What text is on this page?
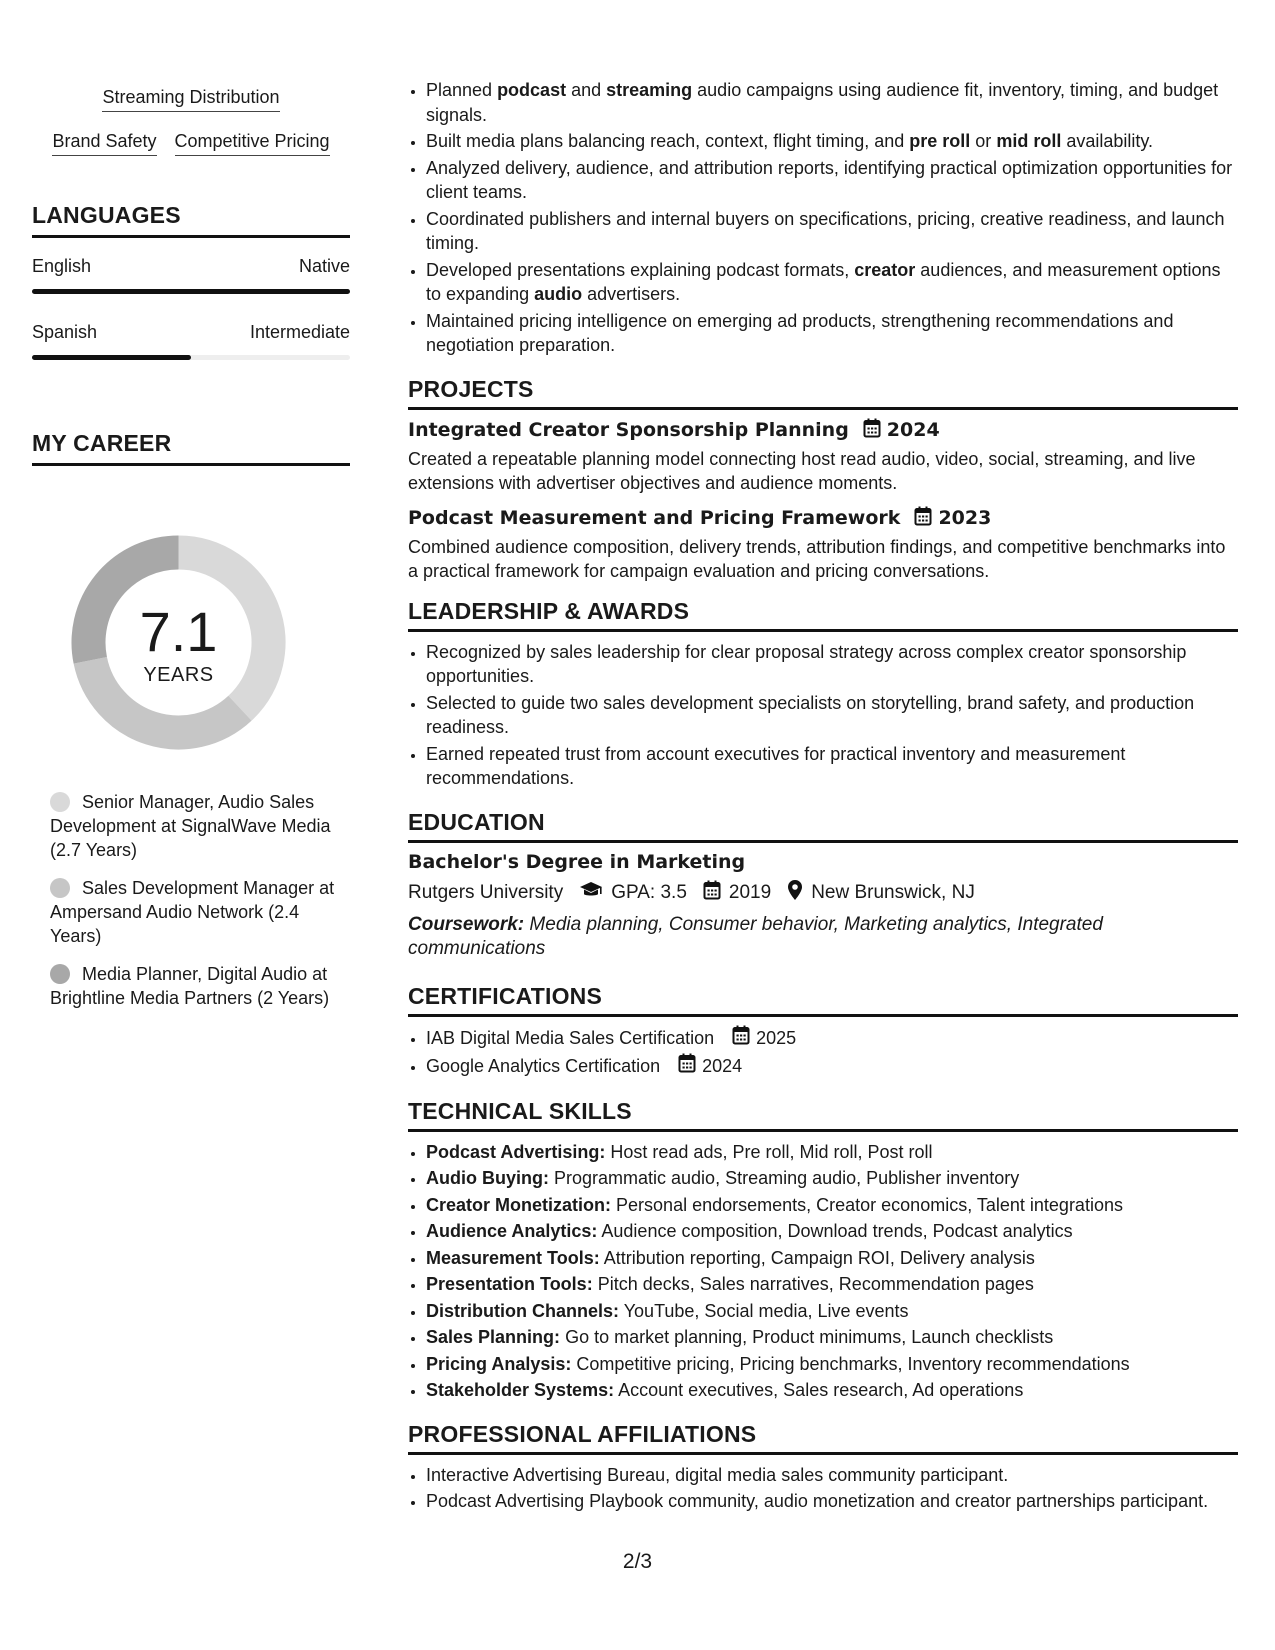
Streaming Distribution
Brand Safety Competitive Pricing
LANGUAGES
English	Native
Spanish	Intermediate
MY CAREER
7.1
YEARS
Senior Manager, Audio Sales Development at SignalWave Media (2.7 Years)
Sales Development Manager at Ampersand Audio Network (2.4 Years)
Media Planner, Digital Audio at Brightline Media Partners (2 Years)
• Planned podcast and streaming audio campaigns using audience fit, inventory, timing, and budget signals.
• Built media plans balancing reach, context, flight timing, and pre roll or mid roll availability.
• Analyzed delivery, audience, and attribution reports, identifying practical optimization opportunities for client teams.
• Coordinated publishers and internal buyers on specifications, pricing, creative readiness, and launch timing.
• Developed presentations explaining podcast formats, creator audiences, and measurement options to expanding audio advertisers.
• Maintained pricing intelligence on emerging ad products, strengthening recommendations and negotiation preparation.
PROJECTS
Integrated Creator Sponsorship Planning 2024
Created a repeatable planning model connecting host read audio, video, social, streaming, and live extensions with advertiser objectives and audience moments.
Podcast Measurement and Pricing Framework 2023
Combined audience composition, delivery trends, attribution findings, and competitive benchmarks into a practical framework for campaign evaluation and pricing conversations.
LEADERSHIP & AWARDS
• Recognized by sales leadership for clear proposal strategy across complex creator sponsorship opportunities.
• Selected to guide two sales development specialists on storytelling, brand safety, and production readiness.
• Earned repeated trust from account executives for practical inventory and measurement recommendations.
EDUCATION
Bachelor's Degree in Marketing
Rutgers University	GPA: 3.5 2019 New Brunswick, NJ
Coursework: Media planning, Consumer behavior, Marketing analytics, Integrated communications
CERTIFICATIONS
• IAB Digital Media Sales Certification 2025
• Google Analytics Certification 2024
TECHNICAL SKILLS
• Podcast Advertising: Host read ads, Pre roll, Mid roll, Post roll
• Audio Buying: Programmatic audio, Streaming audio, Publisher inventory
• Creator Monetization: Personal endorsements, Creator economics, Talent integrations
• Audience Analytics: Audience composition, Download trends, Podcast analytics
• Measurement Tools: Attribution reporting, Campaign ROI, Delivery analysis
• Presentation Tools: Pitch decks, Sales narratives, Recommendation pages
• Distribution Channels: YouTube, Social media, Live events
• Sales Planning: Go to market planning, Product minimums, Launch checklists
• Pricing Analysis: Competitive pricing, Pricing benchmarks, Inventory recommendations
• Stakeholder Systems: Account executives, Sales research, Ad operations
PROFESSIONAL AFFILIATIONS
• Interactive Advertising Bureau, digital media sales community participant.
• Podcast Advertising Playbook community, audio monetization and creator partnerships participant.
2/3
